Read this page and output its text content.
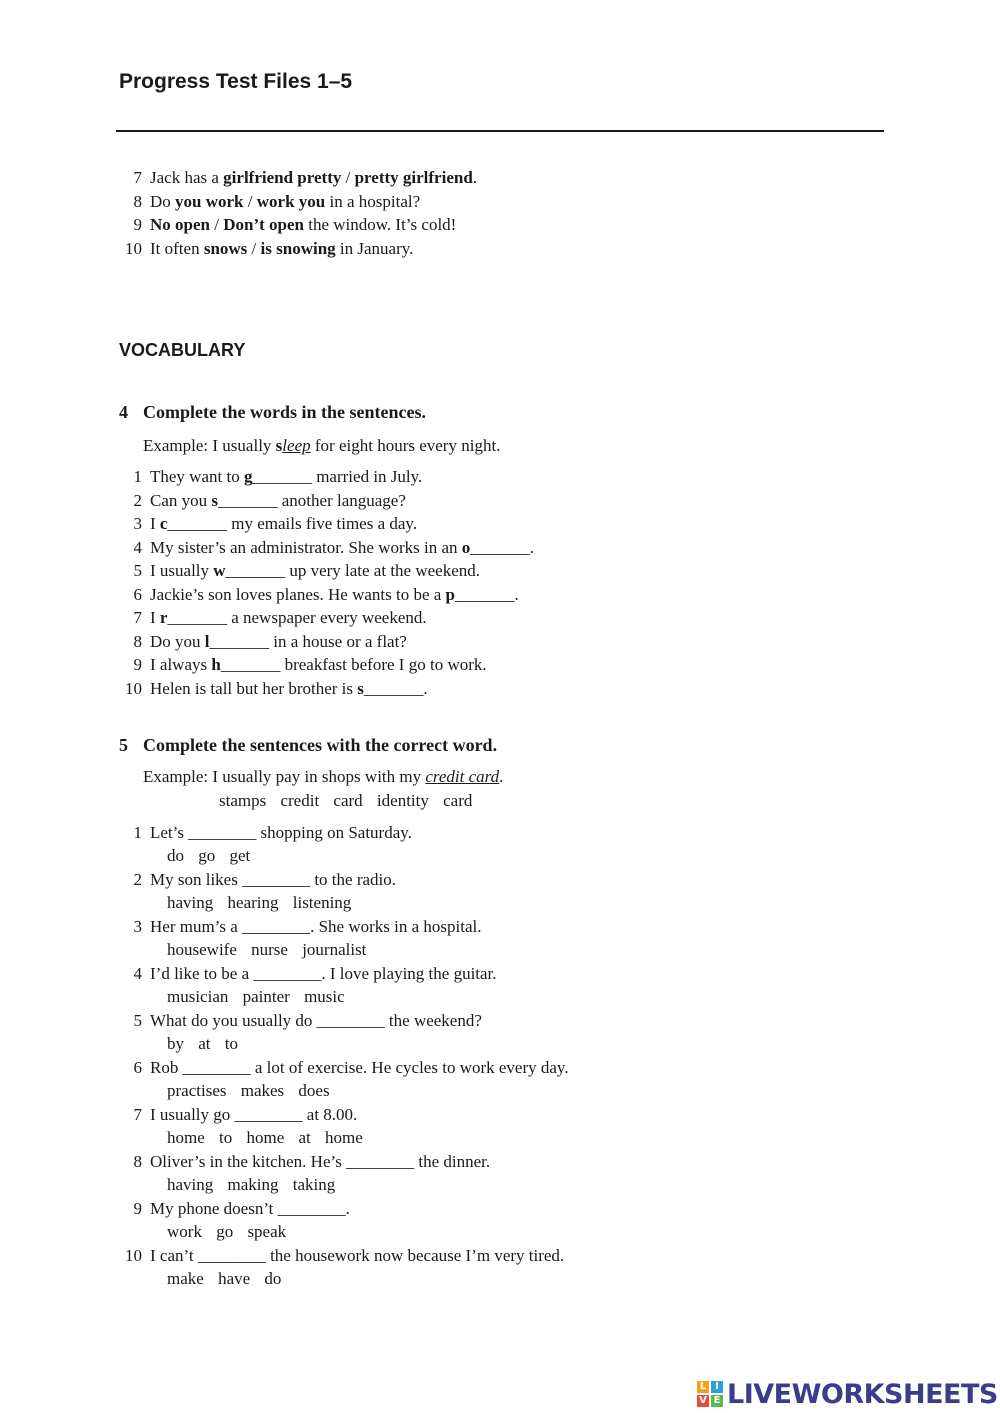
Progress Test Files 1–5
7 Jack has a girlfriend pretty / pretty girlfriend.
8 Do you work / work you in a hospital?
9 No open / Don’t open the window. It’s cold!
10 It often snows / is snowing in January.
VOCABULARY
4 Complete the words in the sentences.
Example: I usually sleep for eight hours every night.
1 They want to g_______ married in July.
2 Can you s_______ another language?
3 I c_______ my emails five times a day.
4 My sister’s an administrator. She works in an o_______.
5 I usually w_______ up very late at the weekend.
6 Jackie’s son loves planes. He wants to be a p_______.
7 I r_______ a newspaper every weekend.
8 Do you l_______ in a house or a flat?
9 I always h_______ breakfast before I go to work.
10 Helen is tall but her brother is s_______.
5 Complete the sentences with the correct word.
Example: I usually pay in shops with my credit card.
stamps credit card identity card
1 Let’s ________ shopping on Saturday.
do go get
2 My son likes ________ to the radio.
having hearing listening
3 Her mum’s a ________. She works in a hospital.
housewife nurse journalist
4 I’d like to be a ________. I love playing the guitar.
musician painter music
5 What do you usually do ________ the weekend?
by at to
6 Rob ________ a lot of exercise. He cycles to work every day.
practises makes does
7 I usually go ________ at 8.00.
home to home at home
8 Oliver’s in the kitchen. He’s ________ the dinner.
having making taking
9 My phone doesn’t ________.
work go speak
10 I can’t ________ the housework now because I’m very tired.
make have do
L I
V E LIVEWORKSHEETS
